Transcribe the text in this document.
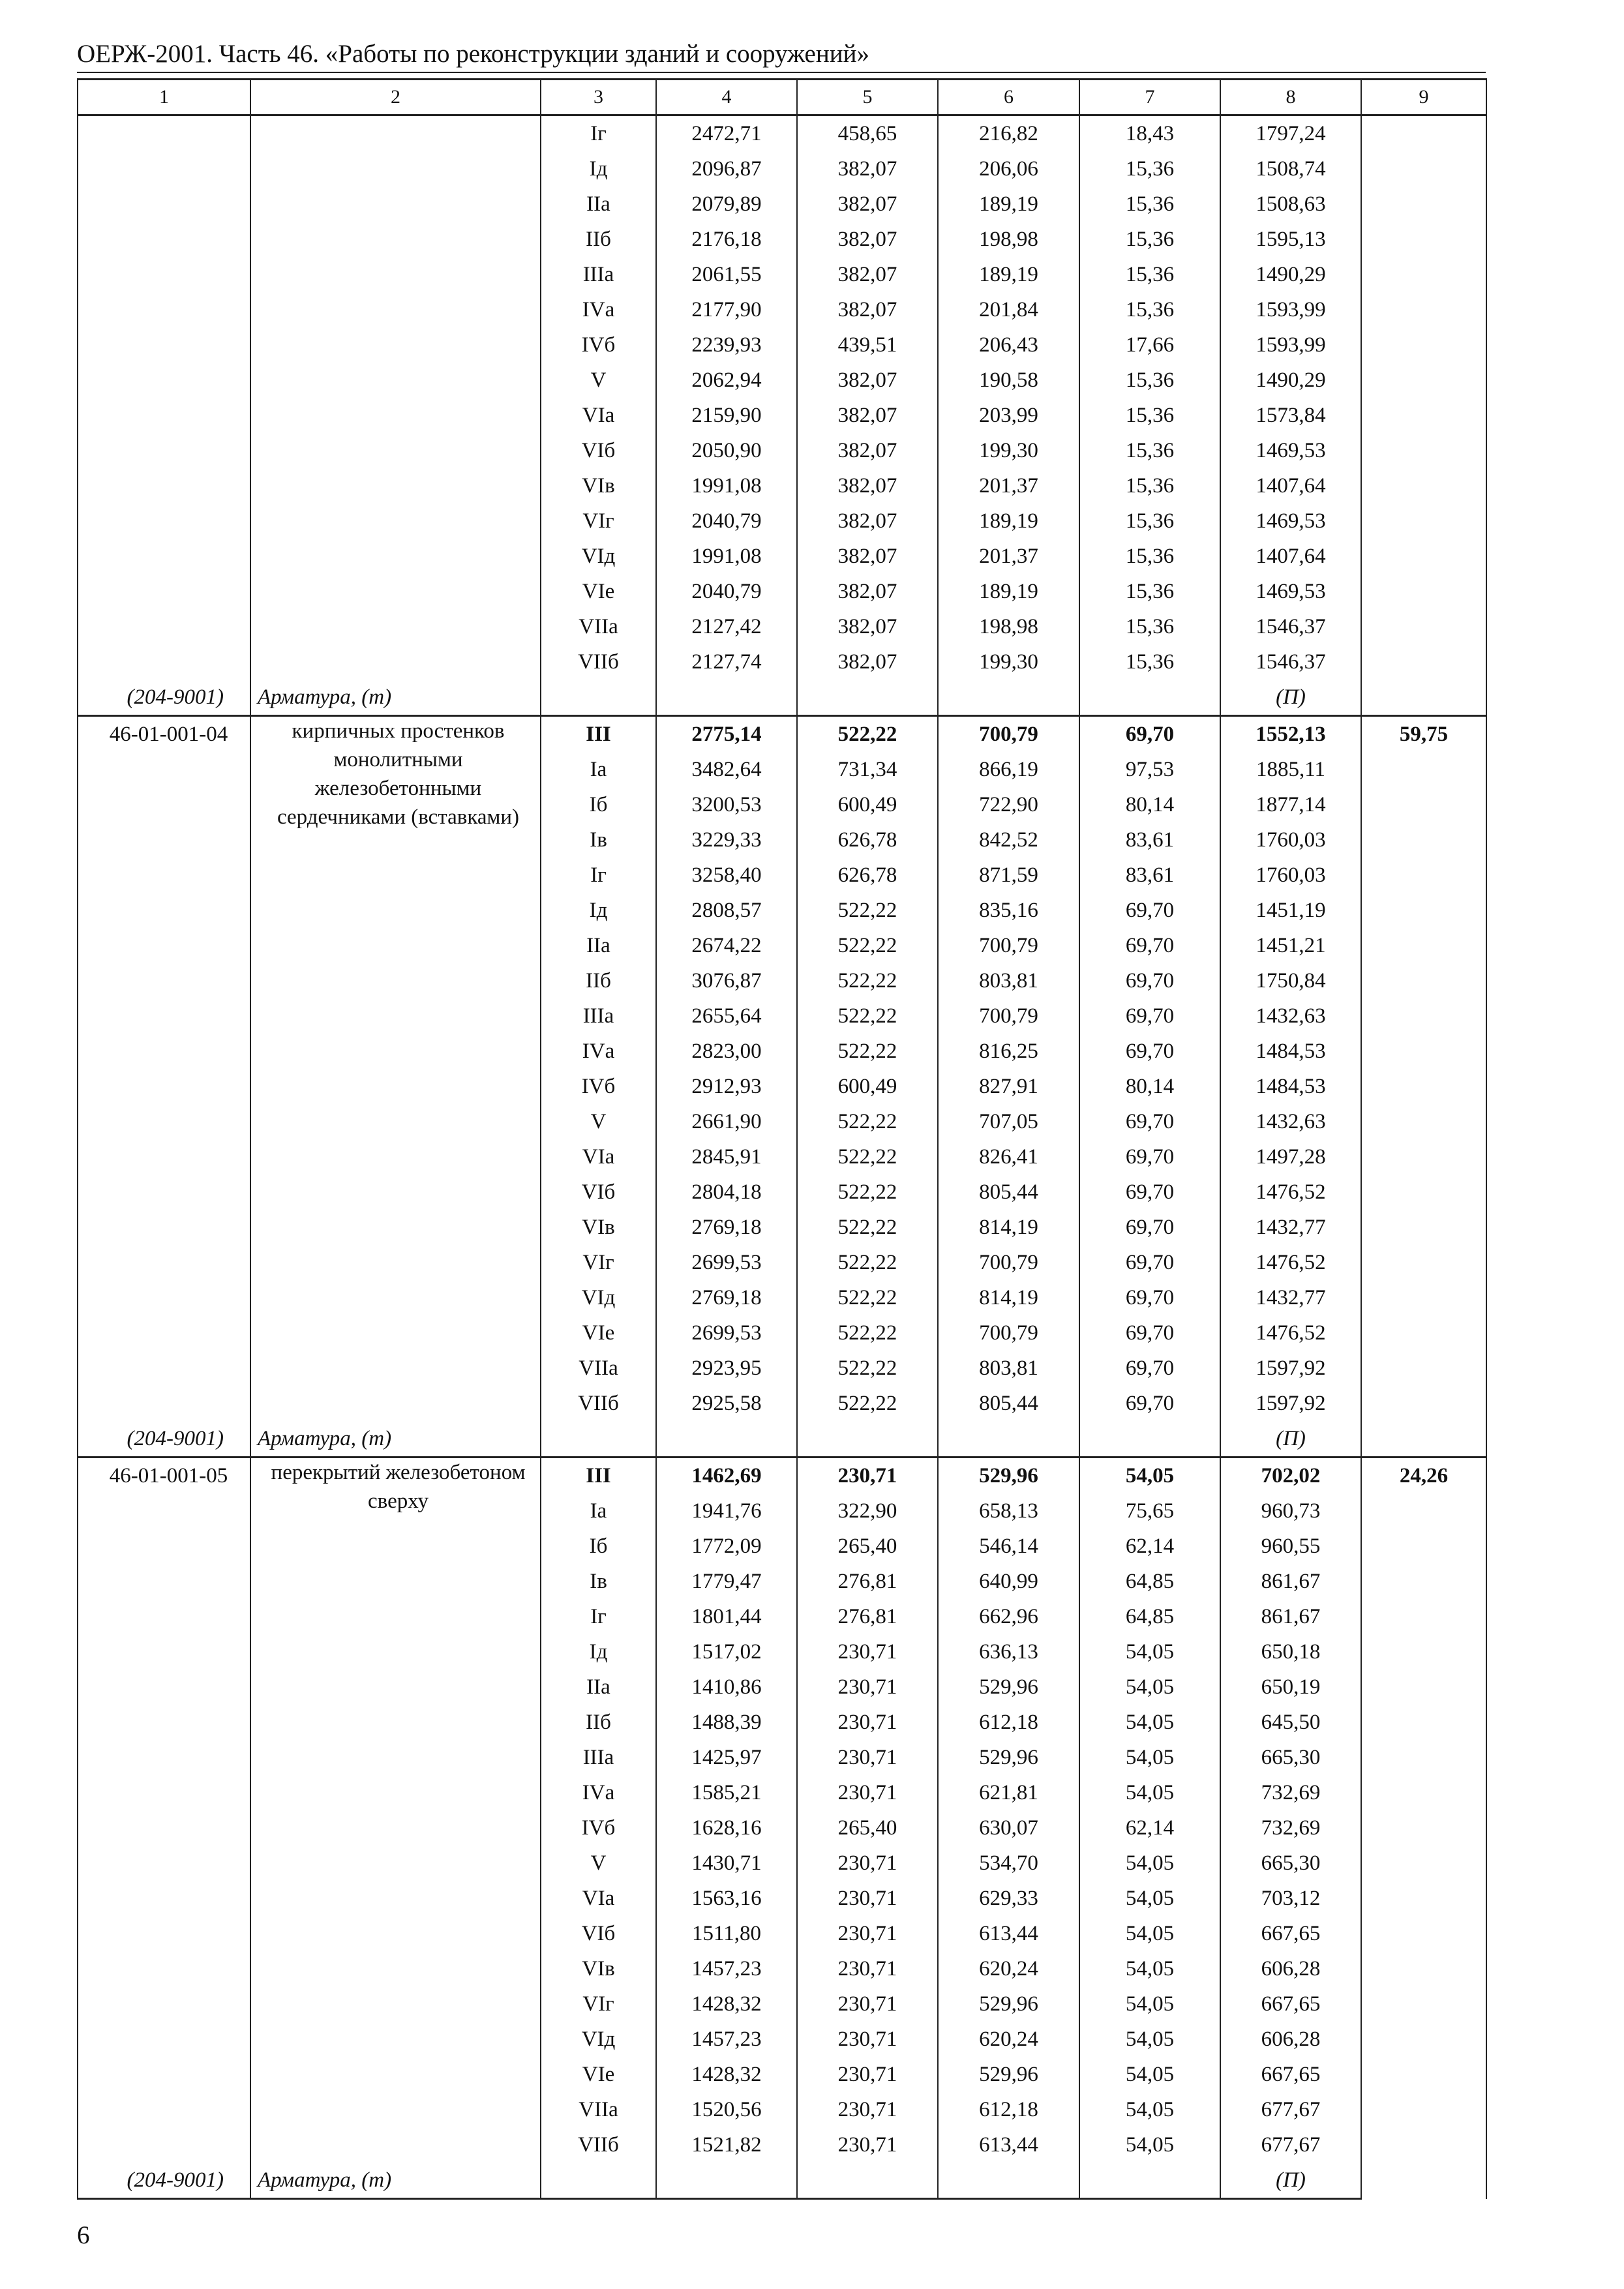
ОЕРЖ-2001. Часть 46. «Работы по реконструкции зданий и сооружений»
1	2	3	4	5	6	7	8	9
		Iг	2472,71	458,65	216,82	18,43	1797,24	
		Iд	2096,87	382,07	206,06	15,36	1508,74	
		IIа	2079,89	382,07	189,19	15,36	1508,63	
		IIб	2176,18	382,07	198,98	15,36	1595,13	
		IIIа	2061,55	382,07	189,19	15,36	1490,29	
		IVа	2177,90	382,07	201,84	15,36	1593,99	
		IVб	2239,93	439,51	206,43	17,66	1593,99	
		V	2062,94	382,07	190,58	15,36	1490,29	
		VIа	2159,90	382,07	203,99	15,36	1573,84	
		VIб	2050,90	382,07	199,30	15,36	1469,53	
		VIв	1991,08	382,07	201,37	15,36	1407,64	
		VIг	2040,79	382,07	189,19	15,36	1469,53	
		VIд	1991,08	382,07	201,37	15,36	1407,64	
		VIе	2040,79	382,07	189,19	15,36	1469,53	
		VIIа	2127,42	382,07	198,98	15,36	1546,37	
		VIIб	2127,74	382,07	199,30	15,36	1546,37	
(204-9001)	Арматура, (т)						(П)	
46-01-001-04	кирпичных простенков монолитными железобетонными сердечниками (вставками)	III	2775,14	522,22	700,79	69,70	1552,13	59,75
		Iа	3482,64	731,34	866,19	97,53	1885,11	
		Iб	3200,53	600,49	722,90	80,14	1877,14	
		Iв	3229,33	626,78	842,52	83,61	1760,03	
		Iг	3258,40	626,78	871,59	83,61	1760,03	
		Iд	2808,57	522,22	835,16	69,70	1451,19	
		IIа	2674,22	522,22	700,79	69,70	1451,21	
		IIб	3076,87	522,22	803,81	69,70	1750,84	
		IIIа	2655,64	522,22	700,79	69,70	1432,63	
		IVа	2823,00	522,22	816,25	69,70	1484,53	
		IVб	2912,93	600,49	827,91	80,14	1484,53	
		V	2661,90	522,22	707,05	69,70	1432,63	
		VIа	2845,91	522,22	826,41	69,70	1497,28	
		VIб	2804,18	522,22	805,44	69,70	1476,52	
		VIв	2769,18	522,22	814,19	69,70	1432,77	
		VIг	2699,53	522,22	700,79	69,70	1476,52	
		VIд	2769,18	522,22	814,19	69,70	1432,77	
		VIе	2699,53	522,22	700,79	69,70	1476,52	
		VIIа	2923,95	522,22	803,81	69,70	1597,92	
		VIIб	2925,58	522,22	805,44	69,70	1597,92	
(204-9001)	Арматура, (т)						(П)	
46-01-001-05	перекрытий железобетоном сверху	III	1462,69	230,71	529,96	54,05	702,02	24,26
		Iа	1941,76	322,90	658,13	75,65	960,73	
		Iб	1772,09	265,40	546,14	62,14	960,55	
		Iв	1779,47	276,81	640,99	64,85	861,67	
		Iг	1801,44	276,81	662,96	64,85	861,67	
		Iд	1517,02	230,71	636,13	54,05	650,18	
		IIа	1410,86	230,71	529,96	54,05	650,19	
		IIб	1488,39	230,71	612,18	54,05	645,50	
		IIIа	1425,97	230,71	529,96	54,05	665,30	
		IVа	1585,21	230,71	621,81	54,05	732,69	
		IVб	1628,16	265,40	630,07	62,14	732,69	
		V	1430,71	230,71	534,70	54,05	665,30	
		VIа	1563,16	230,71	629,33	54,05	703,12	
		VIб	1511,80	230,71	613,44	54,05	667,65	
		VIв	1457,23	230,71	620,24	54,05	606,28	
		VIг	1428,32	230,71	529,96	54,05	667,65	
		VIд	1457,23	230,71	620,24	54,05	606,28	
		VIе	1428,32	230,71	529,96	54,05	667,65	
		VIIа	1520,56	230,71	612,18	54,05	677,67	
		VIIб	1521,82	230,71	613,44	54,05	677,67	
(204-9001)	Арматура, (т)						(П)	
6
